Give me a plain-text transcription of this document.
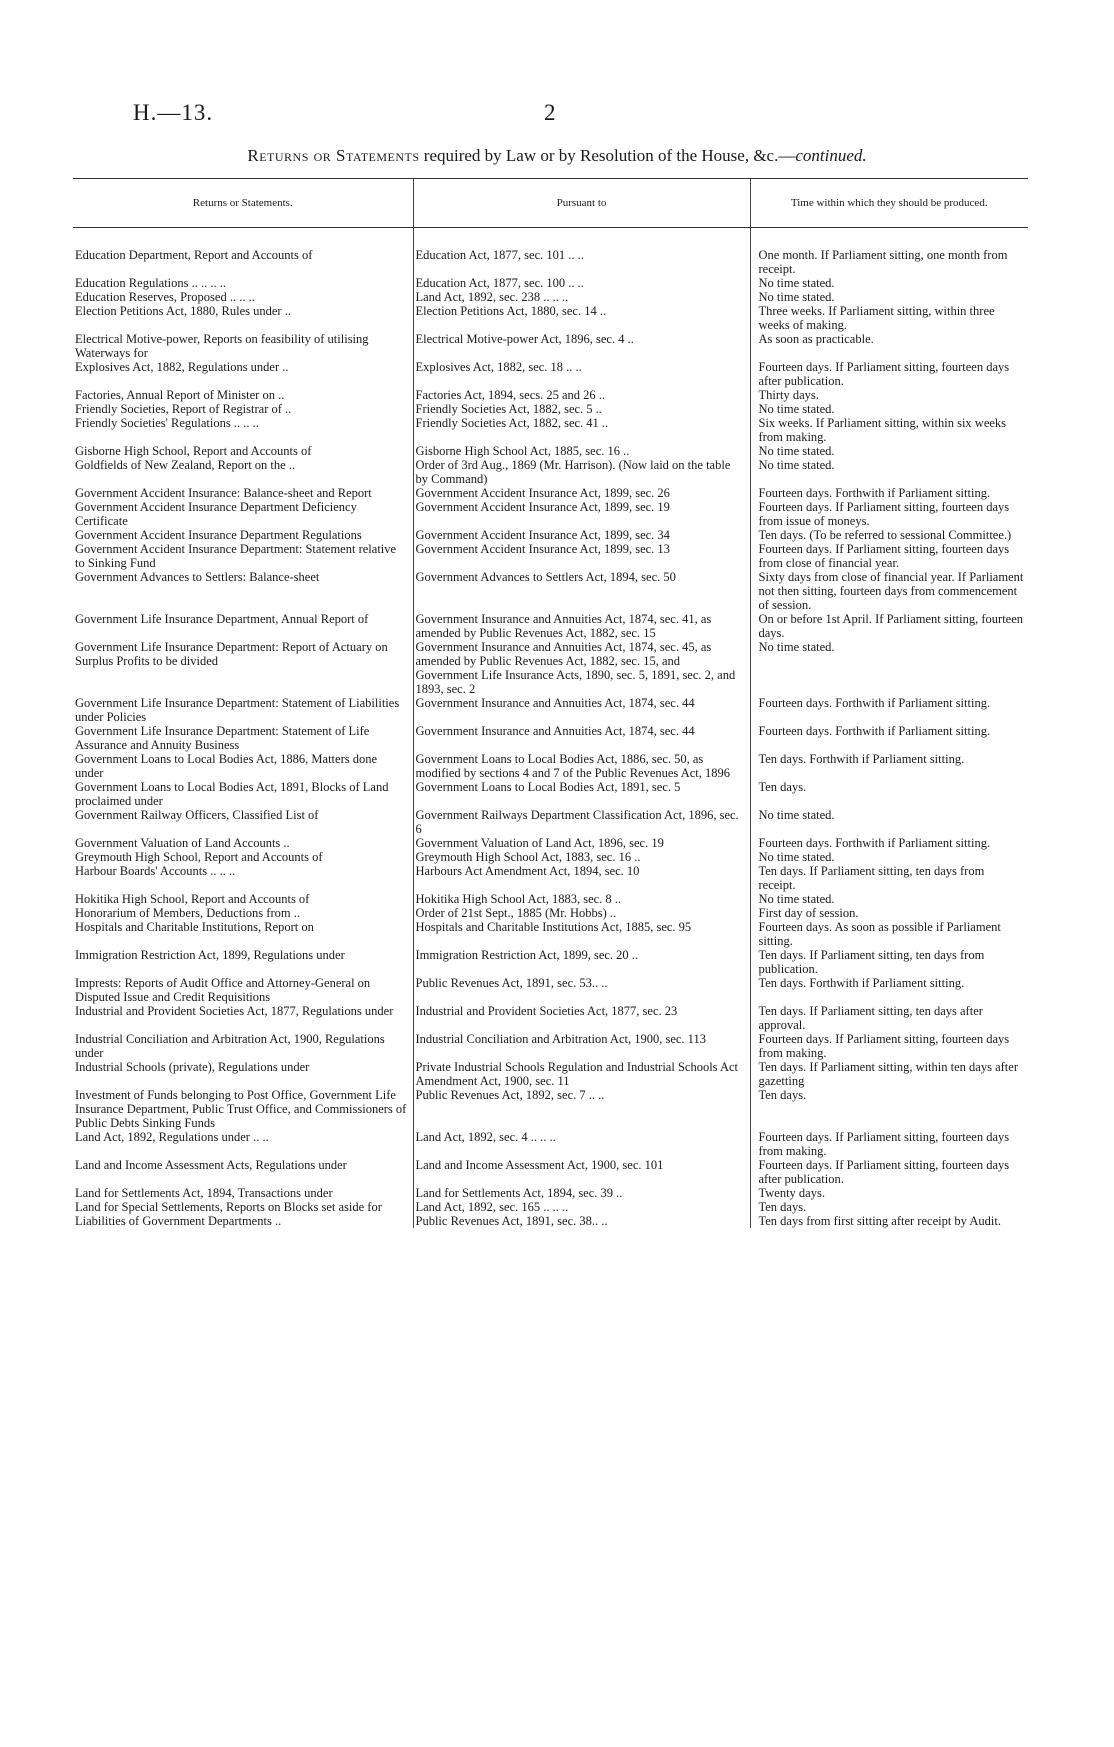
H.—13.	2
Returns or Statements required by Law or by Resolution of the House, &c.—continued.
Returns or Statements.	Pursuant to	Time within which they should be produced.

Education Department, Report and Accounts of	Education Act, 1877, sec. 101 .. ..	One month. If Parliament sitting, one month from receipt.
Education Regulations .. .. .. ..	Education Act, 1877, sec. 100 .. ..	No time stated.
Education Reserves, Proposed .. .. ..	Land Act, 1892, sec. 238 .. .. ..	No time stated.
Election Petitions Act, 1880, Rules under ..	Election Petitions Act, 1880, sec. 14 ..	Three weeks. If Parliament sitting, within three weeks of making.
Electrical Motive-power, Reports on feasibility of utilising Waterways for	Electrical Motive-power Act, 1896, sec. 4 ..	As soon as practicable.
Explosives Act, 1882, Regulations under ..	Explosives Act, 1882, sec. 18 .. ..	Fourteen days. If Parliament sitting, fourteen days after publication.
Factories, Annual Report of Minister on ..	Factories Act, 1894, secs. 25 and 26 ..	Thirty days.
Friendly Societies, Report of Registrar of ..	Friendly Societies Act, 1882, sec. 5 ..	No time stated.
Friendly Societies' Regulations .. .. ..	Friendly Societies Act, 1882, sec. 41 ..	Six weeks. If Parliament sitting, within six weeks from making.
Gisborne High School, Report and Accounts of	Gisborne High School Act, 1885, sec. 16 ..	No time stated.
Goldfields of New Zealand, Report on the ..	Order of 3rd Aug., 1869 (Mr. Harrison). (Now laid on the table by Command)	No time stated.
Government Accident Insurance: Balance-sheet and Report	Government Accident Insurance Act, 1899, sec. 26	Fourteen days. Forthwith if Parliament sitting.
Government Accident Insurance Department Deficiency Certificate	Government Accident Insurance Act, 1899, sec. 19	Fourteen days. If Parliament sitting, fourteen days from issue of moneys.
Government Accident Insurance Department Regulations	Government Accident Insurance Act, 1899, sec. 34	Ten days. (To be referred to sessional Committee.)
Government Accident Insurance Department: Statement relative to Sinking Fund	Government Accident Insurance Act, 1899, sec. 13	Fourteen days. If Parliament sitting, fourteen days from close of financial year.
Government Advances to Settlers: Balance-sheet	Government Advances to Settlers Act, 1894, sec. 50	Sixty days from close of financial year. If Parliament not then sitting, fourteen days from commencement of session.
Government Life Insurance Department, Annual Report of	Government Insurance and Annuities Act, 1874, sec. 41, as amended by Public Revenues Act, 1882, sec. 15	On or before 1st April. If Parliament sitting, fourteen days.
Government Life Insurance Department: Report of Actuary on Surplus Profits to be divided	Government Insurance and Annuities Act, 1874, sec. 45, as amended by Public Revenues Act, 1882, sec. 15, and Government Life Insurance Acts, 1890, sec. 5, 1891, sec. 2, and 1893, sec. 2	No time stated.
Government Life Insurance Department: Statement of Liabilities under Policies	Government Insurance and Annuities Act, 1874, sec. 44	Fourteen days. Forthwith if Parliament sitting.
Government Life Insurance Department: Statement of Life Assurance and Annuity Business	Government Insurance and Annuities Act, 1874, sec. 44	Fourteen days. Forthwith if Parliament sitting.
Government Loans to Local Bodies Act, 1886, Matters done under	Government Loans to Local Bodies Act, 1886, sec. 50, as modified by sections 4 and 7 of the Public Revenues Act, 1896	Ten days. Forthwith if Parliament sitting.
Government Loans to Local Bodies Act, 1891, Blocks of Land proclaimed under	Government Loans to Local Bodies Act, 1891, sec. 5	Ten days.
Government Railway Officers, Classified List of	Government Railways Department Classification Act, 1896, sec. 6	No time stated.
Government Valuation of Land Accounts ..	Government Valuation of Land Act, 1896, sec. 19	Fourteen days. Forthwith if Parliament sitting.
Greymouth High School, Report and Accounts of	Greymouth High School Act, 1883, sec. 16 ..	No time stated.
Harbour Boards' Accounts .. .. ..	Harbours Act Amendment Act, 1894, sec. 10	Ten days. If Parliament sitting, ten days from receipt.
Hokitika High School, Report and Accounts of	Hokitika High School Act, 1883, sec. 8 ..	No time stated.
Honorarium of Members, Deductions from ..	Order of 21st Sept., 1885 (Mr. Hobbs) ..	First day of session.
Hospitals and Charitable Institutions, Report on	Hospitals and Charitable Institutions Act, 1885, sec. 95	Fourteen days. As soon as possible if Parliament sitting.
Immigration Restriction Act, 1899, Regulations under	Immigration Restriction Act, 1899, sec. 20 ..	Ten days. If Parliament sitting, ten days from publication.
Imprests: Reports of Audit Office and Attorney-General on Disputed Issue and Credit Requisitions	Public Revenues Act, 1891, sec. 53.. ..	Ten days. Forthwith if Parliament sitting.
Industrial and Provident Societies Act, 1877, Regulations under	Industrial and Provident Societies Act, 1877, sec. 23	Ten days. If Parliament sitting, ten days after approval.
Industrial Conciliation and Arbitration Act, 1900, Regulations under	Industrial Conciliation and Arbitration Act, 1900, sec. 113	Fourteen days. If Parliament sitting, fourteen days from making.
Industrial Schools (private), Regulations under	Private Industrial Schools Regulation and Industrial Schools Act Amendment Act, 1900, sec. 11	Ten days. If Parliament sitting, within ten days after gazetting
Investment of Funds belonging to Post Office, Government Life Insurance Department, Public Trust Office, and Commissioners of Public Debts Sinking Funds	Public Revenues Act, 1892, sec. 7 .. ..	Ten days.
Land Act, 1892, Regulations under .. ..	Land Act, 1892, sec. 4 .. .. ..	Fourteen days. If Parliament sitting, fourteen days from making.
Land and Income Assessment Acts, Regulations under	Land and Income Assessment Act, 1900, sec. 101	Fourteen days. If Parliament sitting, fourteen days after publication.
Land for Settlements Act, 1894, Transactions under	Land for Settlements Act, 1894, sec. 39 ..	Twenty days.
Land for Special Settlements, Reports on Blocks set aside for	Land Act, 1892, sec. 165 .. .. ..	Ten days.
Liabilities of Government Departments ..	Public Revenues Act, 1891, sec. 38.. ..	Ten days from first sitting after receipt by Audit.
